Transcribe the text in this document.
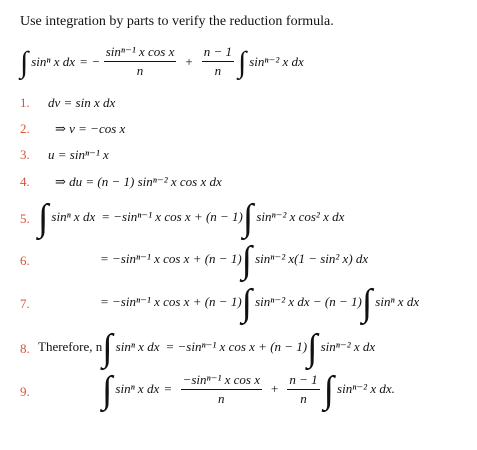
Use integration by parts to verify the reduction formula.
∫ sinⁿ x dx = − $\frac{\text{sinⁿ⁻¹ x cos x}}{n} + \frac{n - 1}{n}$ ∫ sinⁿ⁻² x dx
1. dv = sin x dx
2. ⇒ v = −cos x
3. u = sinⁿ⁻¹ x
4. ⇒ du = (n − 1) sinⁿ⁻² x cos x dx
5. ∫ sinⁿ x dx = −sinⁿ⁻¹ x cos x + (n − 1) ∫ sinⁿ⁻² x cos² x dx
6.	= −sinⁿ⁻¹ x cos x + (n − 1) ∫ sinⁿ⁻² x(1 − sin² x) dx
7.	= −sinⁿ⁻¹ x cos x + (n − 1) ∫ sinⁿ⁻² x dx − (n − 1) ∫ sinⁿ x dx
8. Therefore, n ∫ sinⁿ x dx = −sinⁿ⁻¹ x cos x + (n − 1) ∫ sinⁿ⁻² x dx
9. ∫ sinⁿ x dx = $\frac{\text{−sinⁿ⁻¹ x cos x}}{n} + \frac{n - 1}{n}$ ∫ sinⁿ⁻² x dx.
